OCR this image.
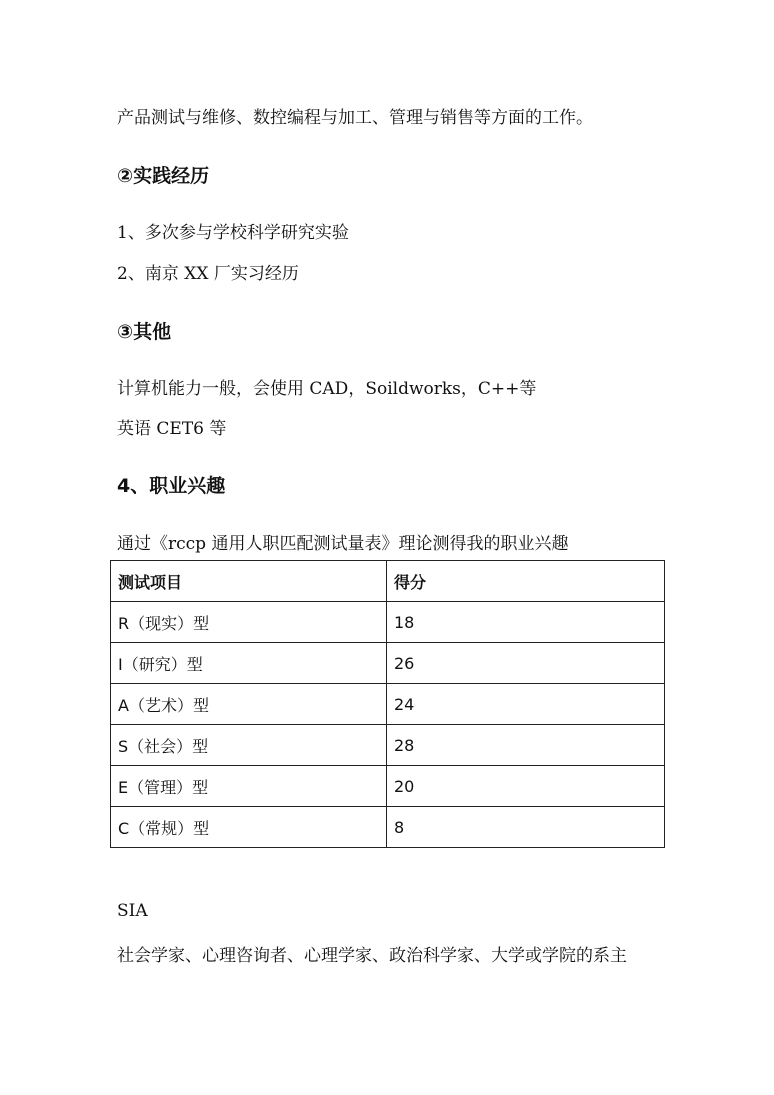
产品测试与维修、数控编程与加工、管理与销售等方面的工作。
②实践经历
1、多次参与学校科学研究实验
2、南京 XX 厂实习经历
③其他
计算机能力一般，会使用 CAD，Soildworks，C++等
英语 CET6 等
4、职业兴趣
通过《rccp 通用人职匹配测试量表》理论测得我的职业兴趣
测试项目	得分
R（现实）型	18
I（研究）型	26
A（艺术）型	24
S（社会）型	28
E（管理）型	20
C（常规）型	8
SIA
社会学家、心理咨询者、心理学家、政治科学家、大学或学院的系主
